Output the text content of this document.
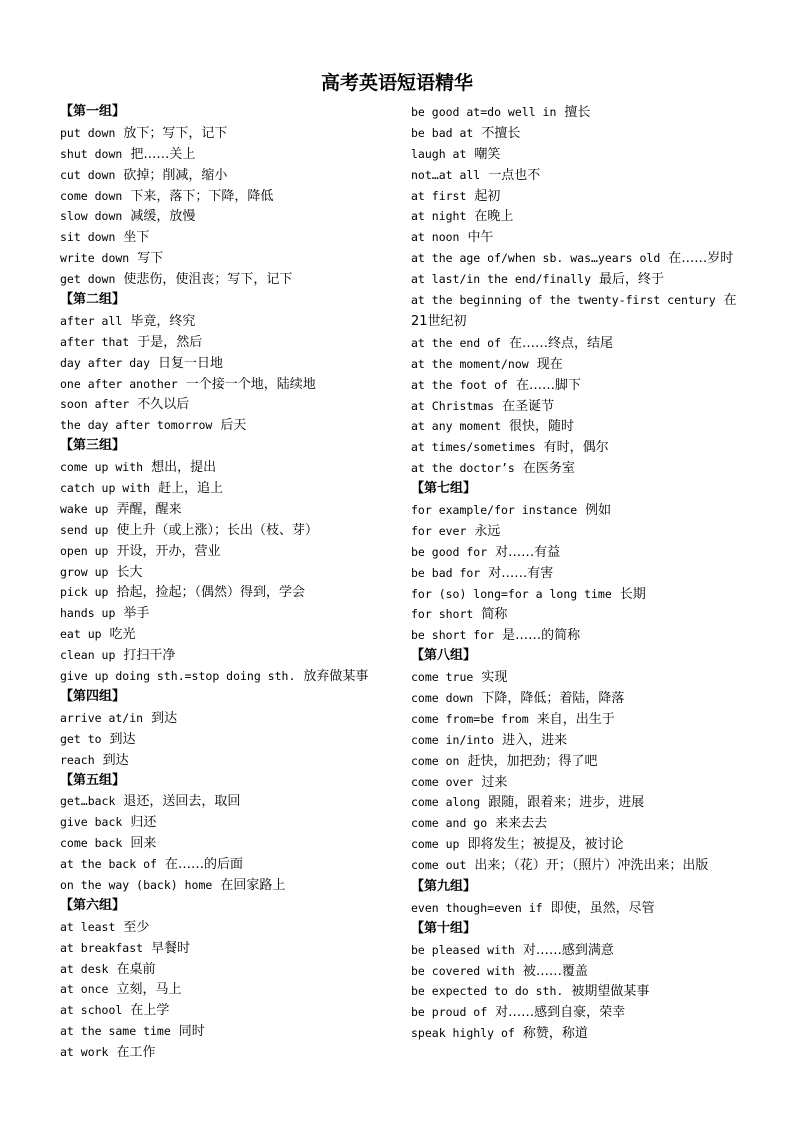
高考英语短语精华
【第一组】
put down 放下；写下，记下
shut down 把……关上
cut down 砍掉；削减，缩小
come down 下来，落下；下降，降低
slow down 减缓，放慢
sit down 坐下
write down 写下
get down 使悲伤，使沮丧；写下，记下
【第二组】
after all 毕竟，终究
after that 于是，然后
day after day 日复一日地
one after another 一个接一个地，陆续地
soon after 不久以后
the day after tomorrow 后天
【第三组】
come up with 想出，提出
catch up with 赶上，追上
wake up 弄醒，醒来
send up 使上升（或上涨）；长出（枝、芽）
open up 开设，开办，营业
grow up 长大
pick up 拾起，捡起；（偶然）得到，学会
hands up 举手
eat up 吃光
clean up 打扫干净
give up doing sth.=stop doing sth. 放弃做某事
【第四组】
arrive at/in 到达
get to 到达
reach 到达
【第五组】
get…back 退还，送回去，取回
give back 归还
come back 回来
at the back of 在……的后面
on the way (back) home 在回家路上
【第六组】
at least 至少
at breakfast 早餐时
at desk 在桌前
at once 立刻，马上
at school 在上学
at the same time 同时
at work 在工作
be good at=do well in 擅长
be bad at 不擅长
laugh at 嘲笑
not…at all 一点也不
at first 起初
at night 在晚上
at noon 中午
at the age of/when sb. was…years old 在……岁时
at last/in the end/finally 最后，终于
at the beginning of the twenty-first century 在21世纪初
at the end of 在……终点，结尾
at the moment/now 现在
at the foot of 在……脚下
at Christmas 在圣诞节
at any moment 很快，随时
at times/sometimes 有时，偶尔
at the doctor’s 在医务室
【第七组】
for example/for instance 例如
for ever 永远
be good for 对……有益
be bad for 对……有害
for (so) long=for a long time 长期
for short 简称
be short for 是……的简称
【第八组】
come true 实现
come down 下降，降低；着陆，降落
come from=be from 来自，出生于
come in/into 进入，进来
come on 赶快，加把劲；得了吧
come over 过来
come along 跟随，跟着来；进步，进展
come and go 来来去去
come up 即将发生；被提及，被讨论
come out 出来；（花）开；（照片）冲洗出来；出版
【第九组】
even though=even if 即使，虽然，尽管
【第十组】
be pleased with 对……感到满意
be covered with 被……覆盖
be expected to do sth. 被期望做某事
be proud of 对……感到自豪，荣幸
speak highly of 称赞，称道
